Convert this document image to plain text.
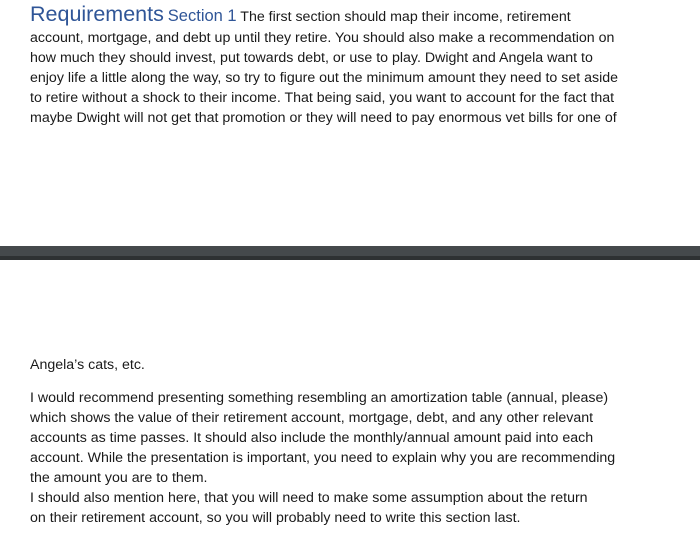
Requirements Section 1 The first section should map their income, retirement
account, mortgage, and debt up until they retire. You should also make a recommendation on
how much they should invest, put towards debt, or use to play. Dwight and Angela want to
enjoy life a little along the way, so try to figure out the minimum amount they need to set aside
to retire without a shock to their income. That being said, you want to account for the fact that
maybe Dwight will not get that promotion or they will need to pay enormous vet bills for one of

Angela’s cats, etc.

I would recommend presenting something resembling an amortization table (annual, please)
which shows the value of their retirement account, mortgage, debt, and any other relevant
accounts as time passes. It should also include the monthly/annual amount paid into each
account. While the presentation is important, you need to explain why you are recommending
the amount you are to them.
I should also mention here, that you will need to make some assumption about the return
on their retirement account, so you will probably need to write this section last.
